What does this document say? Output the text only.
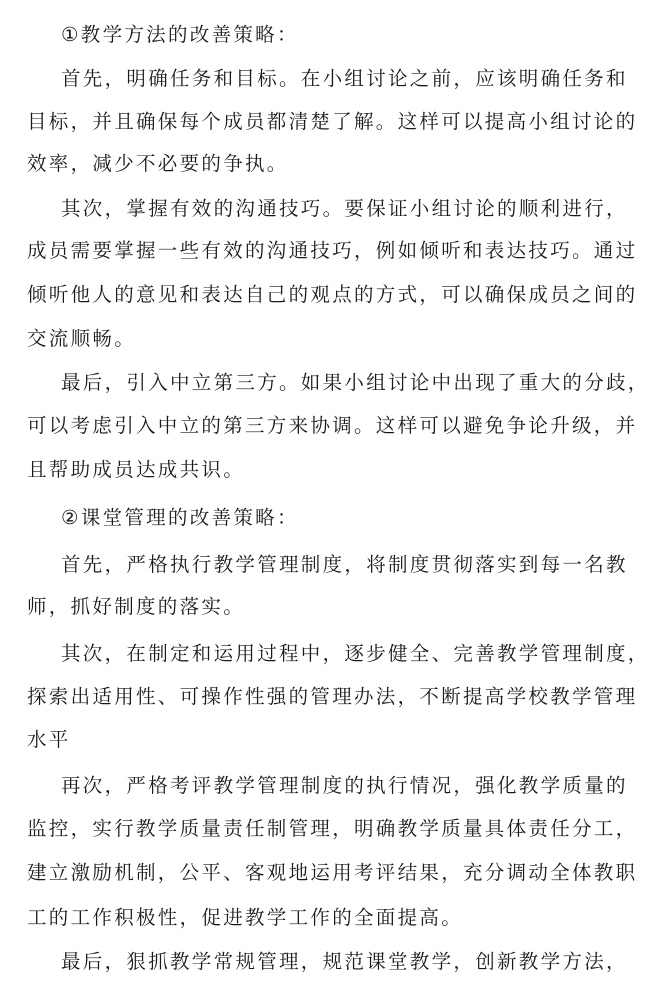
①教学方法的改善策略：
首先，明确任务和目标。在小组讨论之前，应该明确任务和
目标，并且确保每个成员都清楚了解。这样可以提高小组讨论的
效率，减少不必要的争执。
其次，掌握有效的沟通技巧。要保证小组讨论的顺利进行，
成员需要掌握一些有效的沟通技巧，例如倾听和表达技巧。通过
倾听他人的意见和表达自己的观点的方式，可以确保成员之间的
交流顺畅。
最后，引入中立第三方。如果小组讨论中出现了重大的分歧，
可以考虑引入中立的第三方来协调。这样可以避免争论升级，并
且帮助成员达成共识。
②课堂管理的改善策略：
首先，严格执行教学管理制度，将制度贯彻落实到每一名教
师，抓好制度的落实。
其次，在制定和运用过程中，逐步健全、完善教学管理制度，
探索出适用性、可操作性强的管理办法，不断提高学校教学管理
水平
再次，严格考评教学管理制度的执行情况，强化教学质量的
监控，实行教学质量责任制管理，明确教学质量具体责任分工，
建立激励机制，公平、客观地运用考评结果，充分调动全体教职
工的工作积极性，促进教学工作的全面提高。
最后，狠抓教学常规管理，规范课堂教学，创新教学方法，
